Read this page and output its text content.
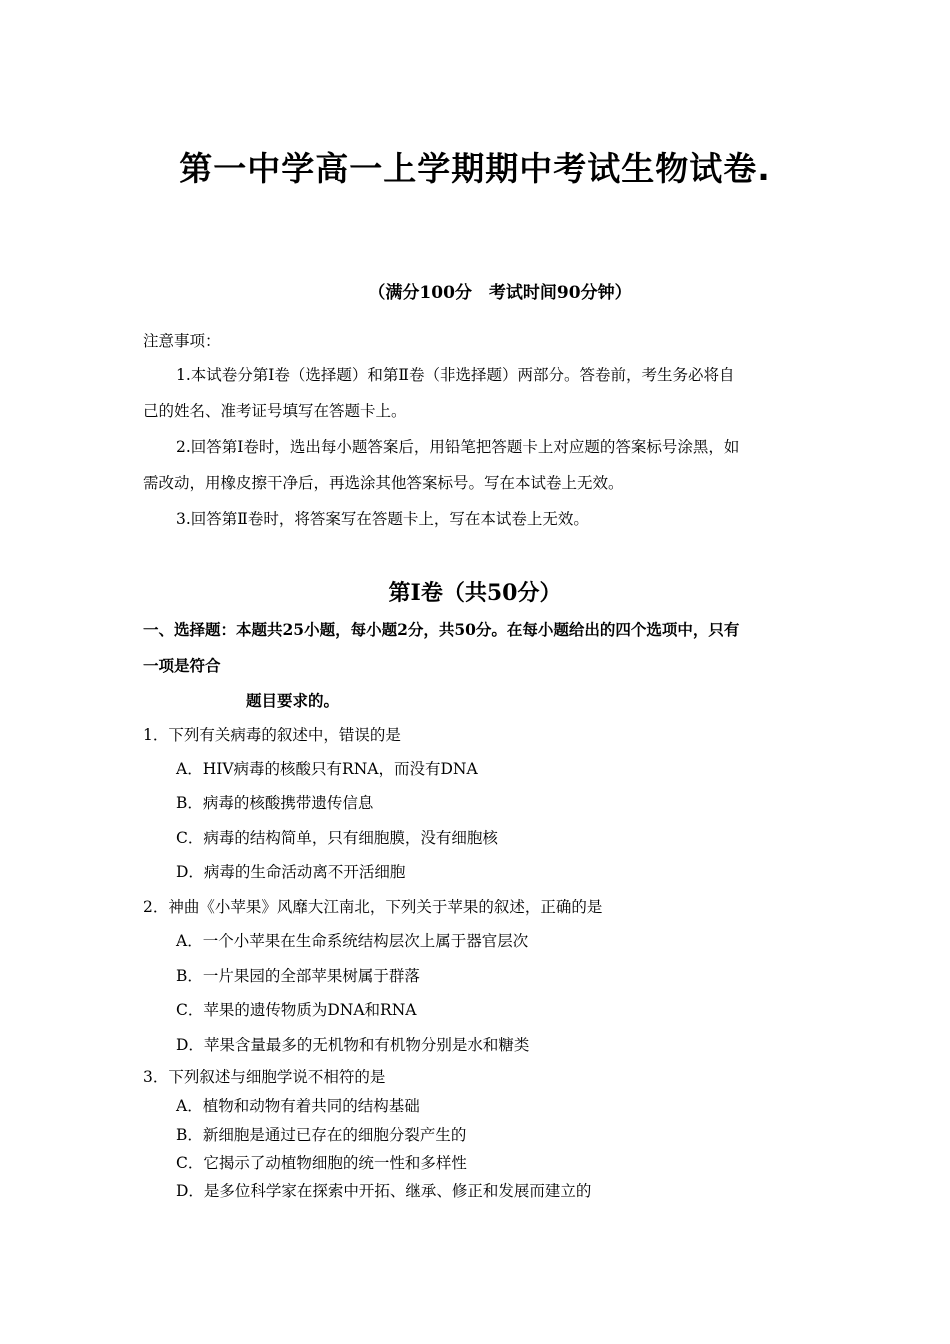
第一中学高一上学期期中考试生物试卷.
（满分100分　考试时间90分钟）
注意事项：
1.本试卷分第Ⅰ卷（选择题）和第Ⅱ卷（非选择题）两部分。答卷前，考生务必将自
己的姓名、准考证号填写在答题卡上。
2.回答第Ⅰ卷时，选出每小题答案后，用铅笔把答题卡上对应题的答案标号涂黑，如
需改动，用橡皮擦干净后，再选涂其他答案标号。写在本试卷上无效。
3.回答第Ⅱ卷时，将答案写在答题卡上，写在本试卷上无效。
第Ⅰ卷（共50分）
一、选择题：本题共25小题，每小题2分，共50分。在每小题给出的四个选项中，只有
一项是符合
题目要求的。
1．下列有关病毒的叙述中，错误的是
A．HIV病毒的核酸只有RNA，而没有DNA
B．病毒的核酸携带遗传信息
C．病毒的结构简单，只有细胞膜，没有细胞核
D．病毒的生命活动离不开活细胞
2．神曲《小苹果》风靡大江南北，下列关于苹果的叙述，正确的是
A．一个小苹果在生命系统结构层次上属于器官层次
B．一片果园的全部苹果树属于群落
C．苹果的遗传物质为DNA和RNA
D．苹果含量最多的无机物和有机物分别是水和糖类
3．下列叙述与细胞学说不相符的是
A．植物和动物有着共同的结构基础
B．新细胞是通过已存在的细胞分裂产生的
C．它揭示了动植物细胞的统一性和多样性
D．是多位科学家在探索中开拓、继承、修正和发展而建立的
